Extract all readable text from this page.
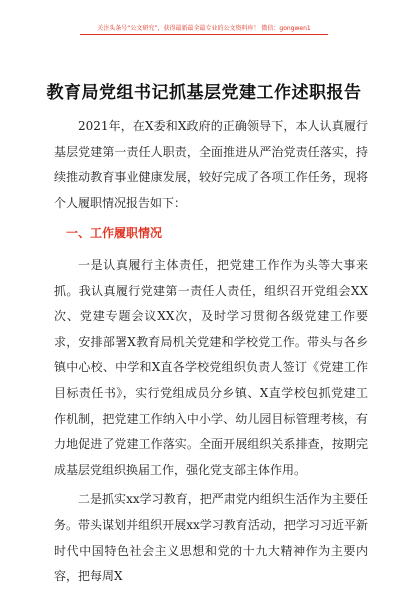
关注头条号“公文研究”，获得最新最全最专业的公文资料库！ 微信：gongwen1
教育局党组书记抓基层党建工作述职报告

2021年，在X委和X政府的正确领导下，本人认真履行基层党建第一责任人职责，全面推进从严治党责任落实，持续推动教育事业健康发展，较好完成了各项工作任务，现将个人履职情况报告如下：

一、工作履职情况

一是认真履行主体责任，把党建工作作为头等大事来抓。我认真履行党建第一责任人责任，组织召开党组会XX次、党建专题会议XX次，及时学习贯彻各级党建工作要求，安排部署X教育局机关党建和学校党工作。带头与各乡镇中心校、中学和X直各学校党组织负责人签订《党建工作目标责任书》，实行党组成员分乡镇、X直学校包抓党建工作机制，把党建工作纳入中小学、幼儿园目标管理考核，有力地促进了党建工作落实。全面开展组织关系排查，按期完成基层党组织换届工作，强化党支部主体作用。

二是抓实xx学习教育，把严肃党内组织生活作为主要任务。带头谋划并组织开展xx学习教育活动，把学习习近平新时代中国特色社会主义思想和党的十九大精神作为主要内容，把每周X
